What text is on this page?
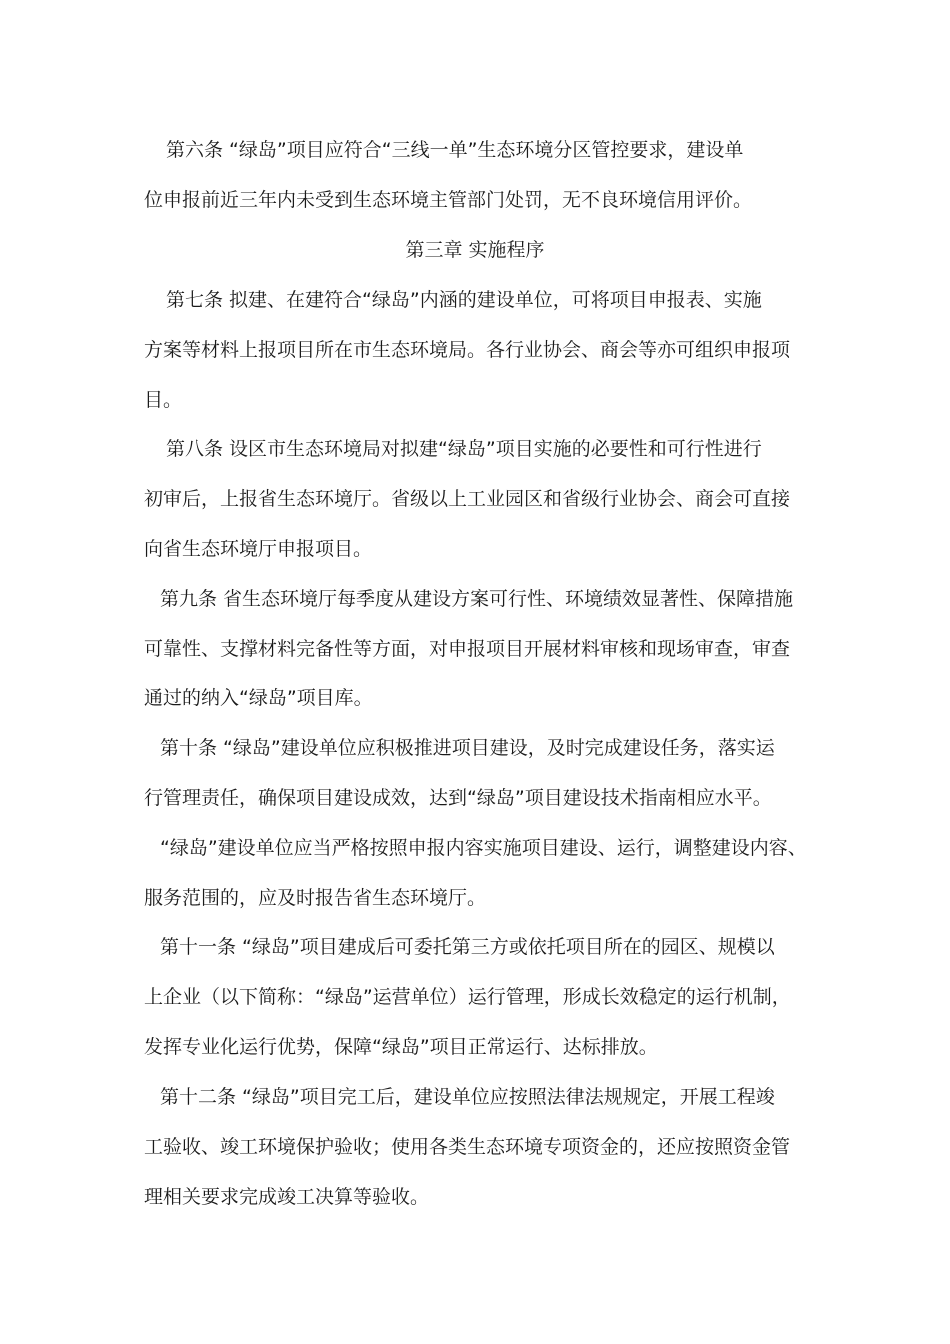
第六条 “绿岛”项目应符合“三线一单”生态环境分区管控要求，建设单
位申报前近三年内未受到生态环境主管部门处罚，无不良环境信用评价。
第三章 实施程序
第七条 拟建、在建符合“绿岛”内涵的建设单位，可将项目申报表、实施
方案等材料上报项目所在市生态环境局。各行业协会、商会等亦可组织申报项
目。
第八条 设区市生态环境局对拟建“绿岛”项目实施的必要性和可行性进行
初审后，上报省生态环境厅。省级以上工业园区和省级行业协会、商会可直接
向省生态环境厅申报项目。
第九条 省生态环境厅每季度从建设方案可行性、环境绩效显著性、保障措施
可靠性、支撑材料完备性等方面，对申报项目开展材料审核和现场审查，审查
通过的纳入“绿岛”项目库。
第十条 “绿岛”建设单位应积极推进项目建设，及时完成建设任务，落实运
行管理责任，确保项目建设成效，达到“绿岛”项目建设技术指南相应水平。
“绿岛”建设单位应当严格按照申报内容实施项目建设、运行，调整建设内容、
服务范围的，应及时报告省生态环境厅。
第十一条 “绿岛”项目建成后可委托第三方或依托项目所在的园区、规模以
上企业（以下简称：“绿岛”运营单位）运行管理，形成长效稳定的运行机制，
发挥专业化运行优势，保障“绿岛”项目正常运行、达标排放。
第十二条 “绿岛”项目完工后，建设单位应按照法律法规规定，开展工程竣
工验收、竣工环境保护验收；使用各类生态环境专项资金的，还应按照资金管
理相关要求完成竣工决算等验收。
